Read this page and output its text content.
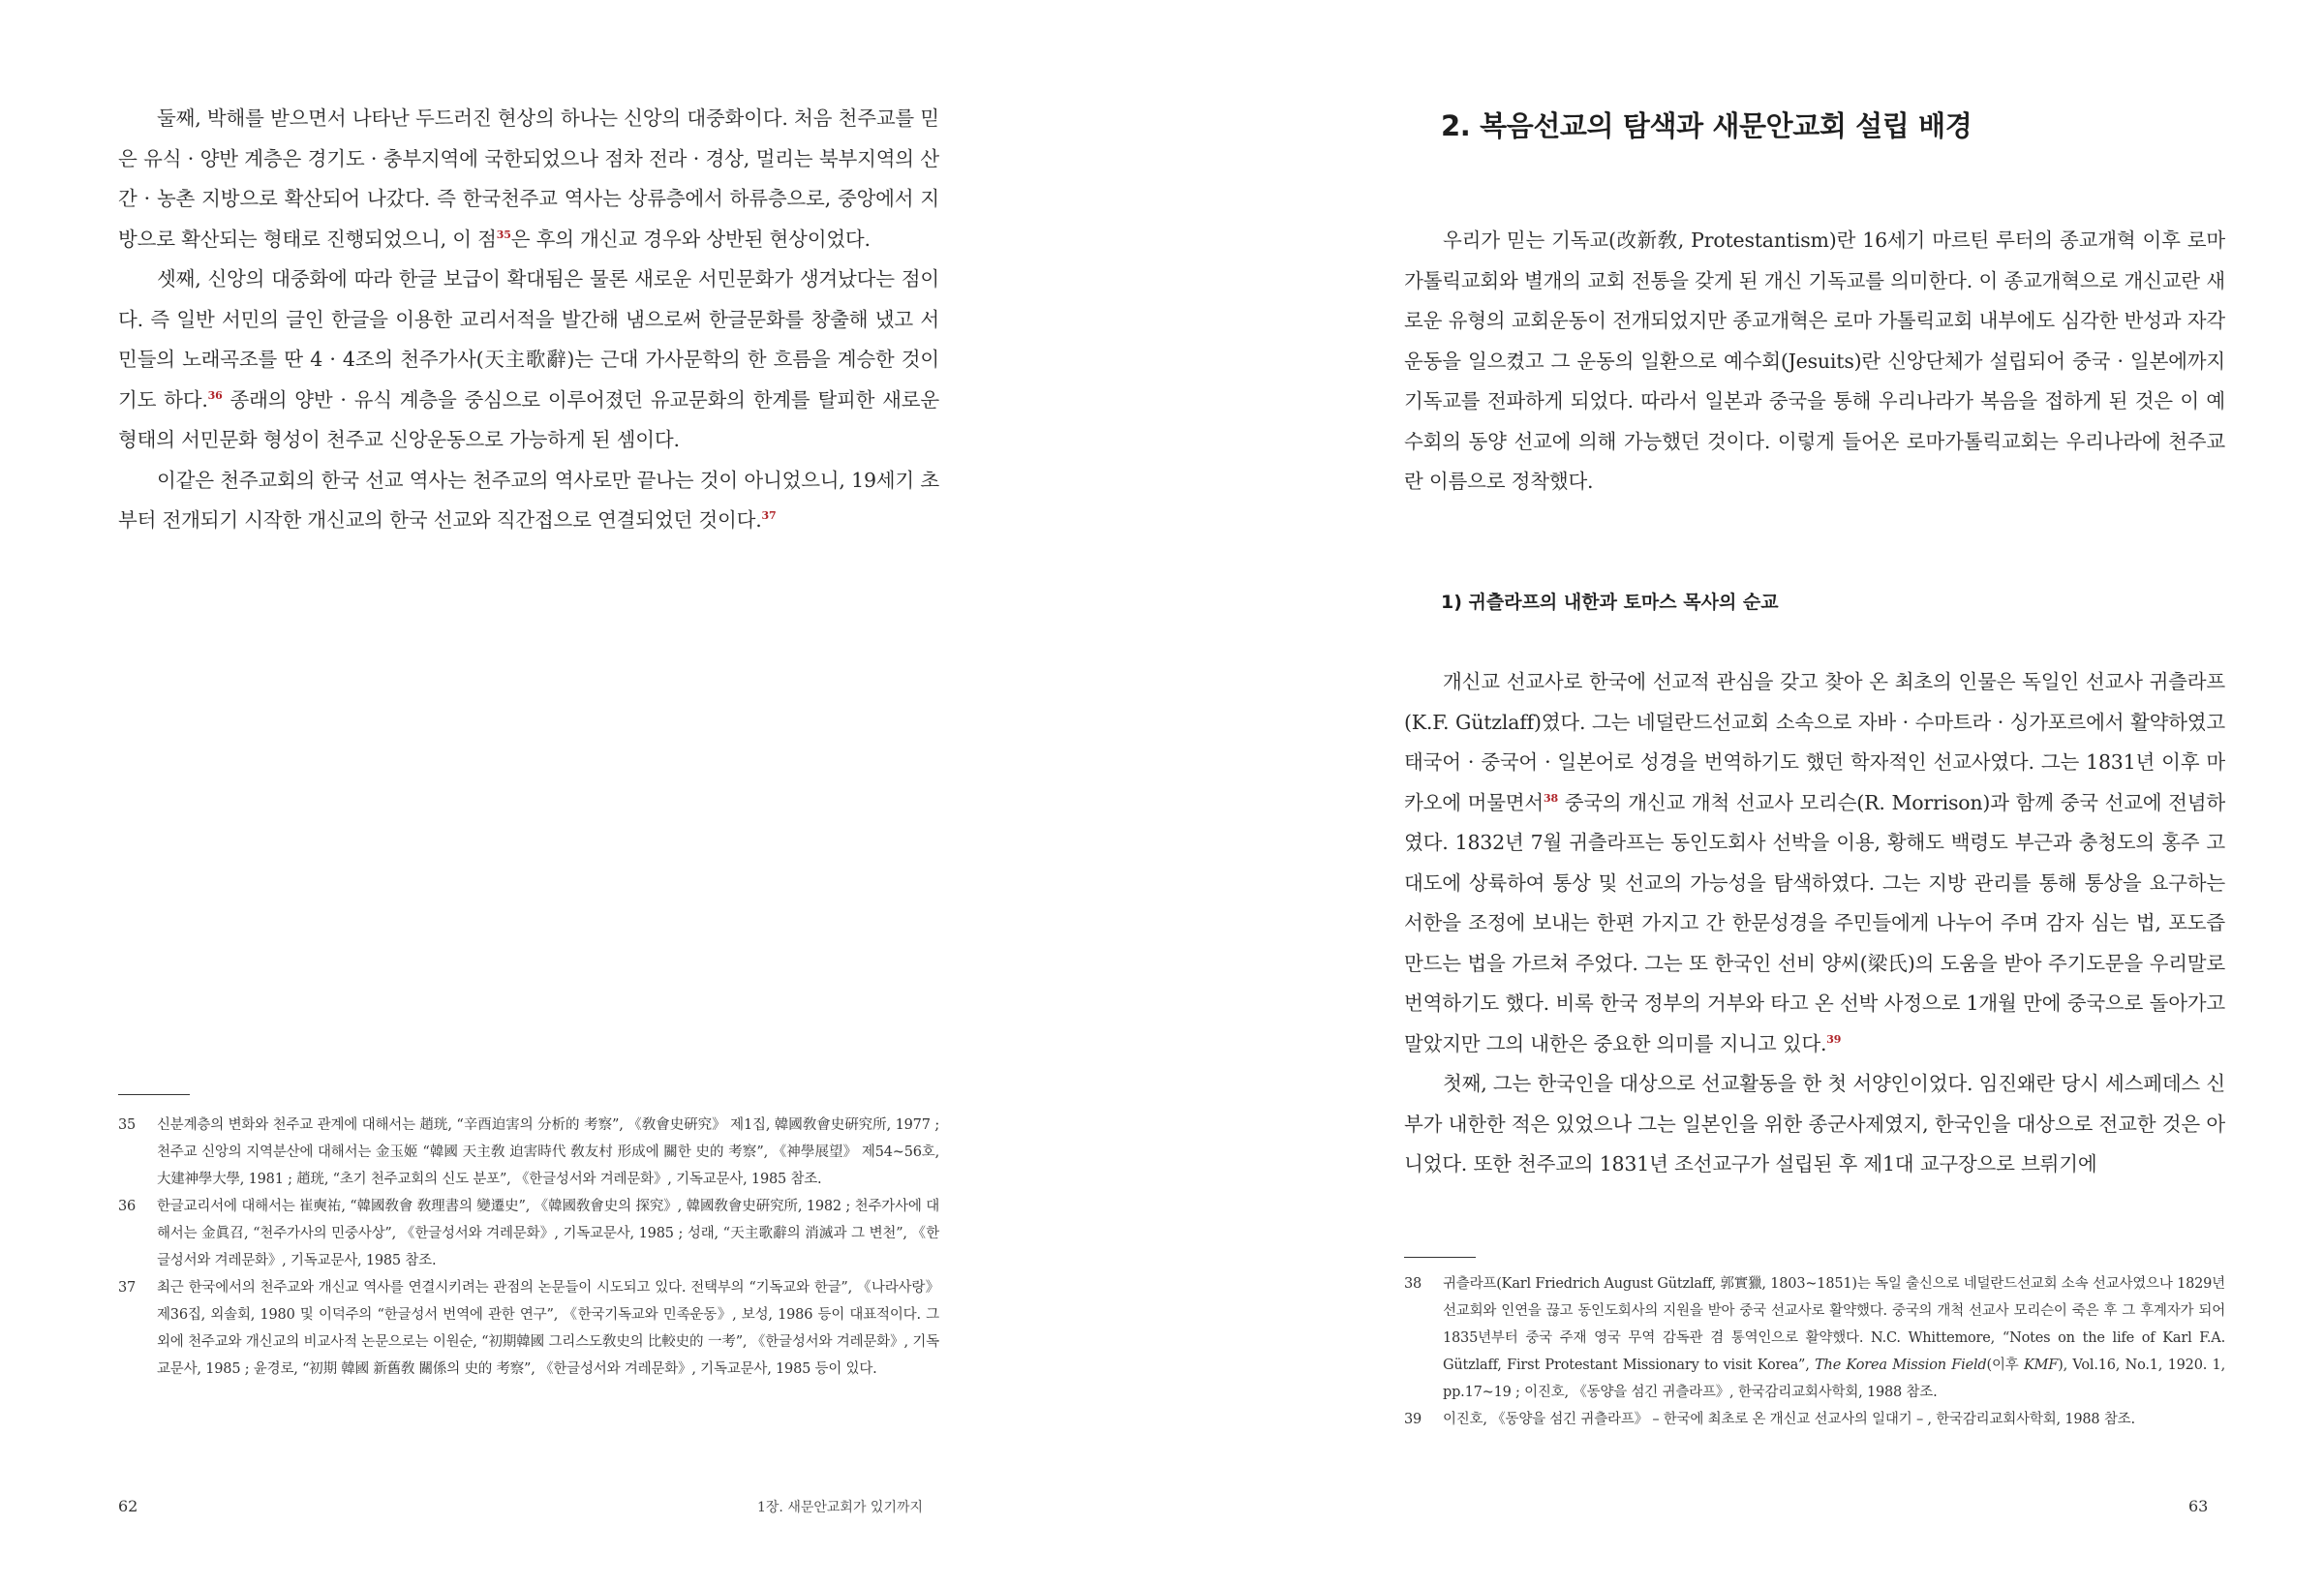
둘째, 박해를 받으면서 나타난 두드러진 현상의 하나는 신앙의 대중화이다. 처음 천주교를 믿은 유식 · 양반 계층은 경기도 · 충부지역에 국한되었으나 점차 전라 · 경상, 멀리는 북부지역의 산간 · 농촌 지방으로 확산되어 나갔다. 즉 한국천주교 역사는 상류층에서 하류층으로, 중앙에서 지방으로 확산되는 형태로 진행되었으니, 이 점$^{35}$은 후의 개신교 경우와 상반된 현상이었다.

셋째, 신앙의 대중화에 따라 한글 보급이 확대됨은 물론 새로운 서민문화가 생겨났다는 점이다. 즉 일반 서민의 글인 한글을 이용한 교리서적을 발간해 냄으로써 한글문화를 창출해 냈고 서민들의 노래곡조를 딴 4 · 4조의 천주가사(天主歌辭)는 근대 가사문학의 한 흐름을 계승한 것이기도 하다.$^{36}$ 종래의 양반 · 유식 계층을 중심으로 이루어졌던 유교문화의 한계를 탈피한 새로운 형태의 서민문화 형성이 천주교 신앙운동으로 가능하게 된 셈이다.

이같은 천주교회의 한국 선교 역사는 천주교의 역사로만 끝나는 것이 아니었으니, 19세기 초부터 전개되기 시작한 개신교의 한국 선교와 직간접으로 연결되었던 것이다.$^{37}$

35 신분계층의 변화와 천주교 관계에 대해서는 趙珖, “辛酉迫害의 分析的 考察”, 《敎會史硏究》 제1집, 韓國敎會史硏究所, 1977 ; 천주교 신앙의 지역분산에 대해서는 金玉姬 “韓國 天主敎 迫害時代 敎友村 形成에 關한 史的 考察”, 《神學展望》 제54~56호, 大建神學大學, 1981 ; 趙珖, “초기 천주교회의 신도 분포”, 《한글성서와 겨레문화》, 기독교문사, 1985 참조.

36 한글교리서에 대해서는 崔奭祐, “韓國敎會 敎理書의 變遷史”, 《韓國敎會史의 探究》, 韓國敎會史硏究所, 1982 ; 천주가사에 대해서는 金眞召, “천주가사의 민중사상”, 《한글성서와 겨레문화》, 기독교문사, 1985 ; 성래, “天主歌辭의 消滅과 그 변천”, 《한글성서와 겨레문화》, 기독교문사, 1985 참조.

37 최근 한국에서의 천주교와 개신교 역사를 연결시키려는 관점의 논문들이 시도되고 있다. 전택부의 “기독교와 한글”, 《나라사랑》 제36집, 외솔회, 1980 및 이덕주의 “한글성서 번역에 관한 연구”, 《한국기독교와 민족운동》, 보성, 1986 등이 대표적이다. 그 외에 천주교와 개신교의 비교사적 논문으로는 이원순, “初期韓國 그리스도敎史의 比較史的 一考”, 《한글성서와 겨레문화》, 기독교문사, 1985 ; 윤경로, “初期 韓國 新舊敎 關係의 史的 考察”, 《한글성서와 겨레문화》, 기독교문사, 1985 등이 있다.

62	1장. 새문안교회가 있기까지
2. 복음선교의 탐색과 새문안교회 설립 배경

우리가 믿는 기독교(改新敎, Protestantism)란 16세기 마르틴 루터의 종교개혁 이후 로마가톨릭교회와 별개의 교회 전통을 갖게 된 개신 기독교를 의미한다. 이 종교개혁으로 개신교란 새로운 유형의 교회운동이 전개되었지만 종교개혁은 로마 가톨릭교회 내부에도 심각한 반성과 자각운동을 일으켰고 그 운동의 일환으로 예수회(Jesuits)란 신앙단체가 설립되어 중국 · 일본에까지 기독교를 전파하게 되었다. 따라서 일본과 중국을 통해 우리나라가 복음을 접하게 된 것은 이 예수회의 동양 선교에 의해 가능했던 것이다. 이렇게 들어온 로마가톨릭교회는 우리나라에 천주교란 이름으로 정착했다.

1) 귀츨라프의 내한과 토마스 목사의 순교

개신교 선교사로 한국에 선교적 관심을 갖고 찾아 온 최초의 인물은 독일인 선교사 귀츨라프(K.F. Gützlaff)였다. 그는 네덜란드선교회 소속으로 자바 · 수마트라 · 싱가포르에서 활약하였고 태국어 · 중국어 · 일본어로 성경을 번역하기도 했던 학자적인 선교사였다. 그는 1831년 이후 마카오에 머물면서$^{38}$ 중국의 개신교 개척 선교사 모리슨(R. Morrison)과 함께 중국 선교에 전념하였다. 1832년 7월 귀츨라프는 동인도회사 선박을 이용, 황해도 백령도 부근과 충청도의 홍주 고대도에 상륙하여 통상 및 선교의 가능성을 탐색하였다. 그는 지방 관리를 통해 통상을 요구하는 서한을 조정에 보내는 한편 가지고 간 한문성경을 주민들에게 나누어 주며 감자 심는 법, 포도즙 만드는 법을 가르쳐 주었다. 그는 또 한국인 선비 양씨(梁氏)의 도움을 받아 주기도문을 우리말로 번역하기도 했다. 비록 한국 정부의 거부와 타고 온 선박 사정으로 1개월 만에 중국으로 돌아가고 말았지만 그의 내한은 중요한 의미를 지니고 있다.$^{39}$

첫째, 그는 한국인을 대상으로 선교활동을 한 첫 서양인이었다. 임진왜란 당시 세스페데스 신부가 내한한 적은 있었으나 그는 일본인을 위한 종군사제였지, 한국인을 대상으로 전교한 것은 아니었다. 또한 천주교의 1831년 조선교구가 설립된 후 제1대 교구장으로 브뤼기에

38 귀츨라프(Karl Friedrich August Gützlaff, 郭實獵, 1803~1851)는 독일 출신으로 네덜란드선교회 소속 선교사였으나 1829년 선교회와 인연을 끊고 동인도회사의 지원을 받아 중국 선교사로 활약했다. 중국의 개척 선교사 모리슨이 죽은 후 그 후계자가 되어 1835년부터 중국 주재 영국 무역 감독관 겸 통역인으로 활약했다. N.C. Whittemore, “Notes on the life of Karl F.A. Gützlaff, First Protestant Missionary to visit Korea”, The Korea Mission Field(이후 KMF), Vol.16, No.1, 1920. 1, pp.17~19 ; 이진호, 《동양을 섬긴 귀츨라프》, 한국감리교회사학회, 1988 참조.

39 이진호, 《동양을 섬긴 귀츨라프》 – 한국에 최초로 온 개신교 선교사의 일대기 – , 한국감리교회사학회, 1988 참조.

63
